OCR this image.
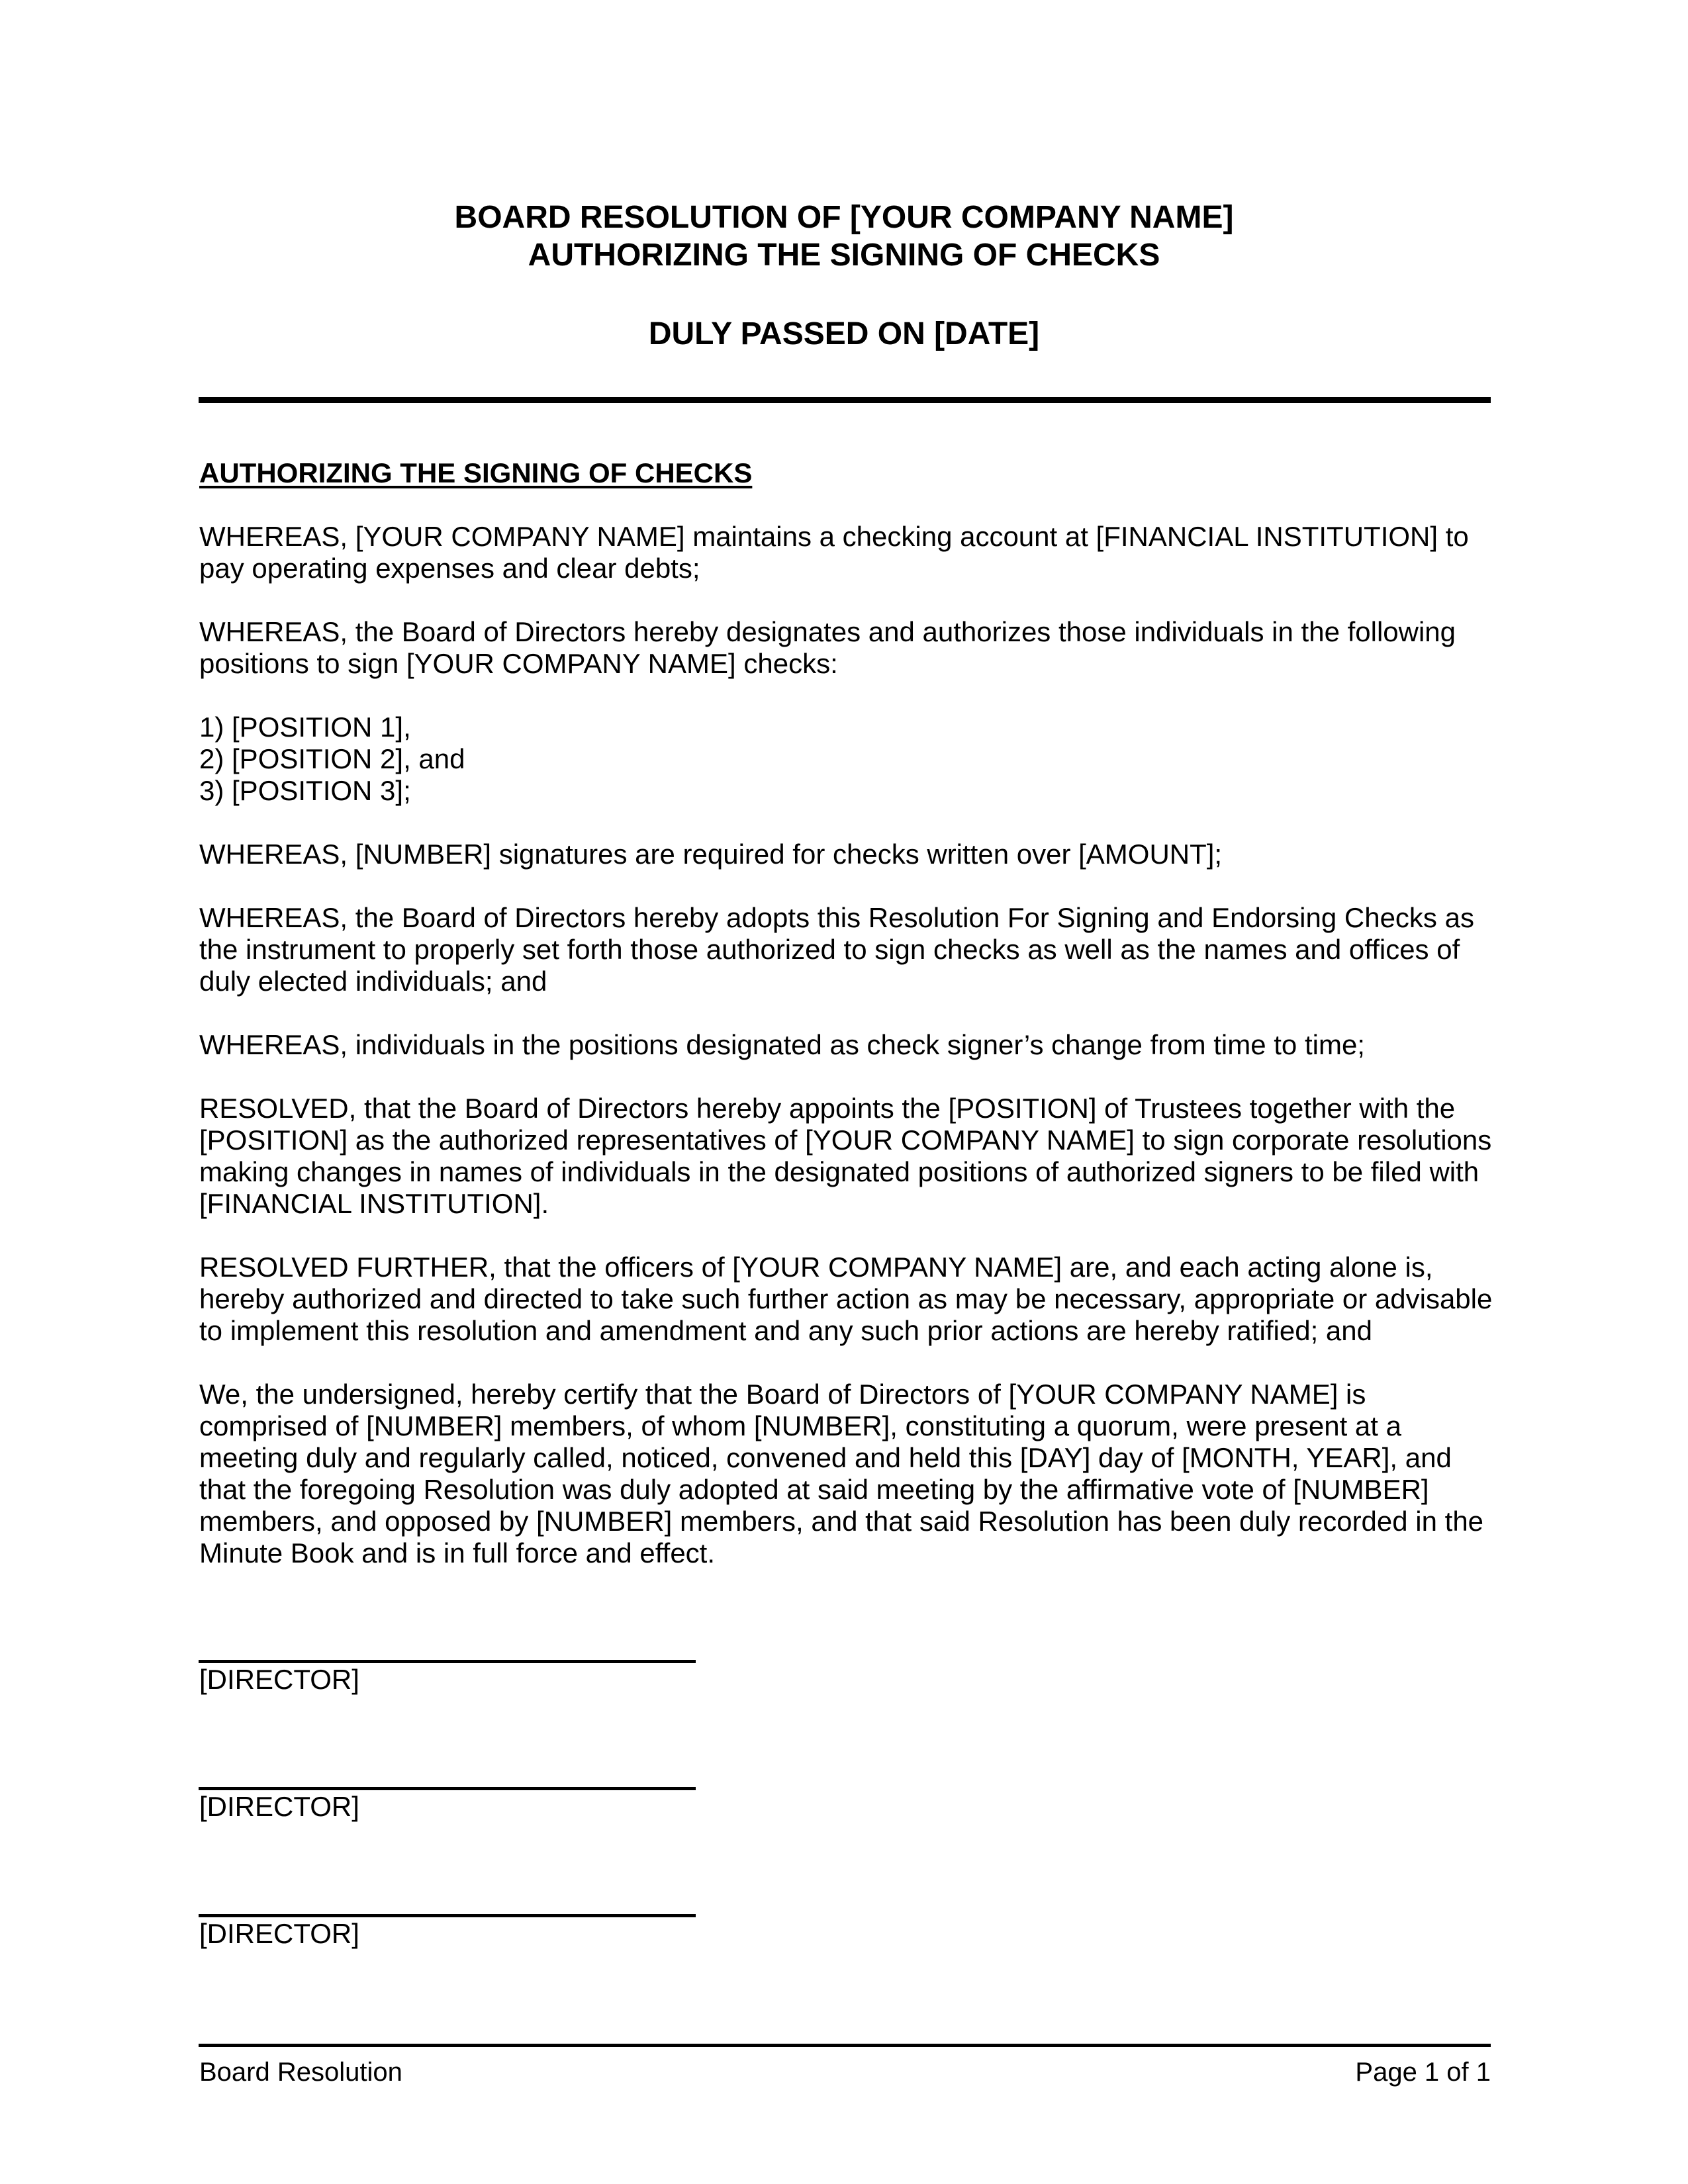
BOARD RESOLUTION OF [YOUR COMPANY NAME]
AUTHORIZING THE SIGNING OF CHECKS
DULY PASSED ON [DATE]
AUTHORIZING THE SIGNING OF CHECKS

WHEREAS, [YOUR COMPANY NAME] maintains a checking account at [FINANCIAL INSTITUTION] to
pay operating expenses and clear debts;

WHEREAS, the Board of Directors hereby designates and authorizes those individuals in the following
positions to sign [YOUR COMPANY NAME] checks:

1) [POSITION 1],
2) [POSITION 2], and
3) [POSITION 3];

WHEREAS, [NUMBER] signatures are required for checks written over [AMOUNT];

WHEREAS, the Board of Directors hereby adopts this Resolution For Signing and Endorsing Checks as
the instrument to properly set forth those authorized to sign checks as well as the names and offices of
duly elected individuals; and

WHEREAS, individuals in the positions designated as check signer’s change from time to time;

RESOLVED, that the Board of Directors hereby appoints the [POSITION] of Trustees together with the
[POSITION] as the authorized representatives of [YOUR COMPANY NAME] to sign corporate resolutions
making changes in names of individuals in the designated positions of authorized signers to be filed with
[FINANCIAL INSTITUTION].

RESOLVED FURTHER, that the officers of [YOUR COMPANY NAME] are, and each acting alone is,
hereby authorized and directed to take such further action as may be necessary, appropriate or advisable
to implement this resolution and amendment and any such prior actions are hereby ratified; and

We, the undersigned, hereby certify that the Board of Directors of [YOUR COMPANY NAME] is
comprised of [NUMBER] members, of whom [NUMBER], constituting a quorum, were present at a
meeting duly and regularly called, noticed, convened and held this [DAY] day of [MONTH, YEAR], and
that the foregoing Resolution was duly adopted at said meeting by the affirmative vote of [NUMBER]
members, and opposed by [NUMBER] members, and that said Resolution has been duly recorded in the
Minute Book and is in full force and effect.

[DIRECTOR]
[DIRECTOR]
[DIRECTOR]
Board Resolution	Page 1 of 1
